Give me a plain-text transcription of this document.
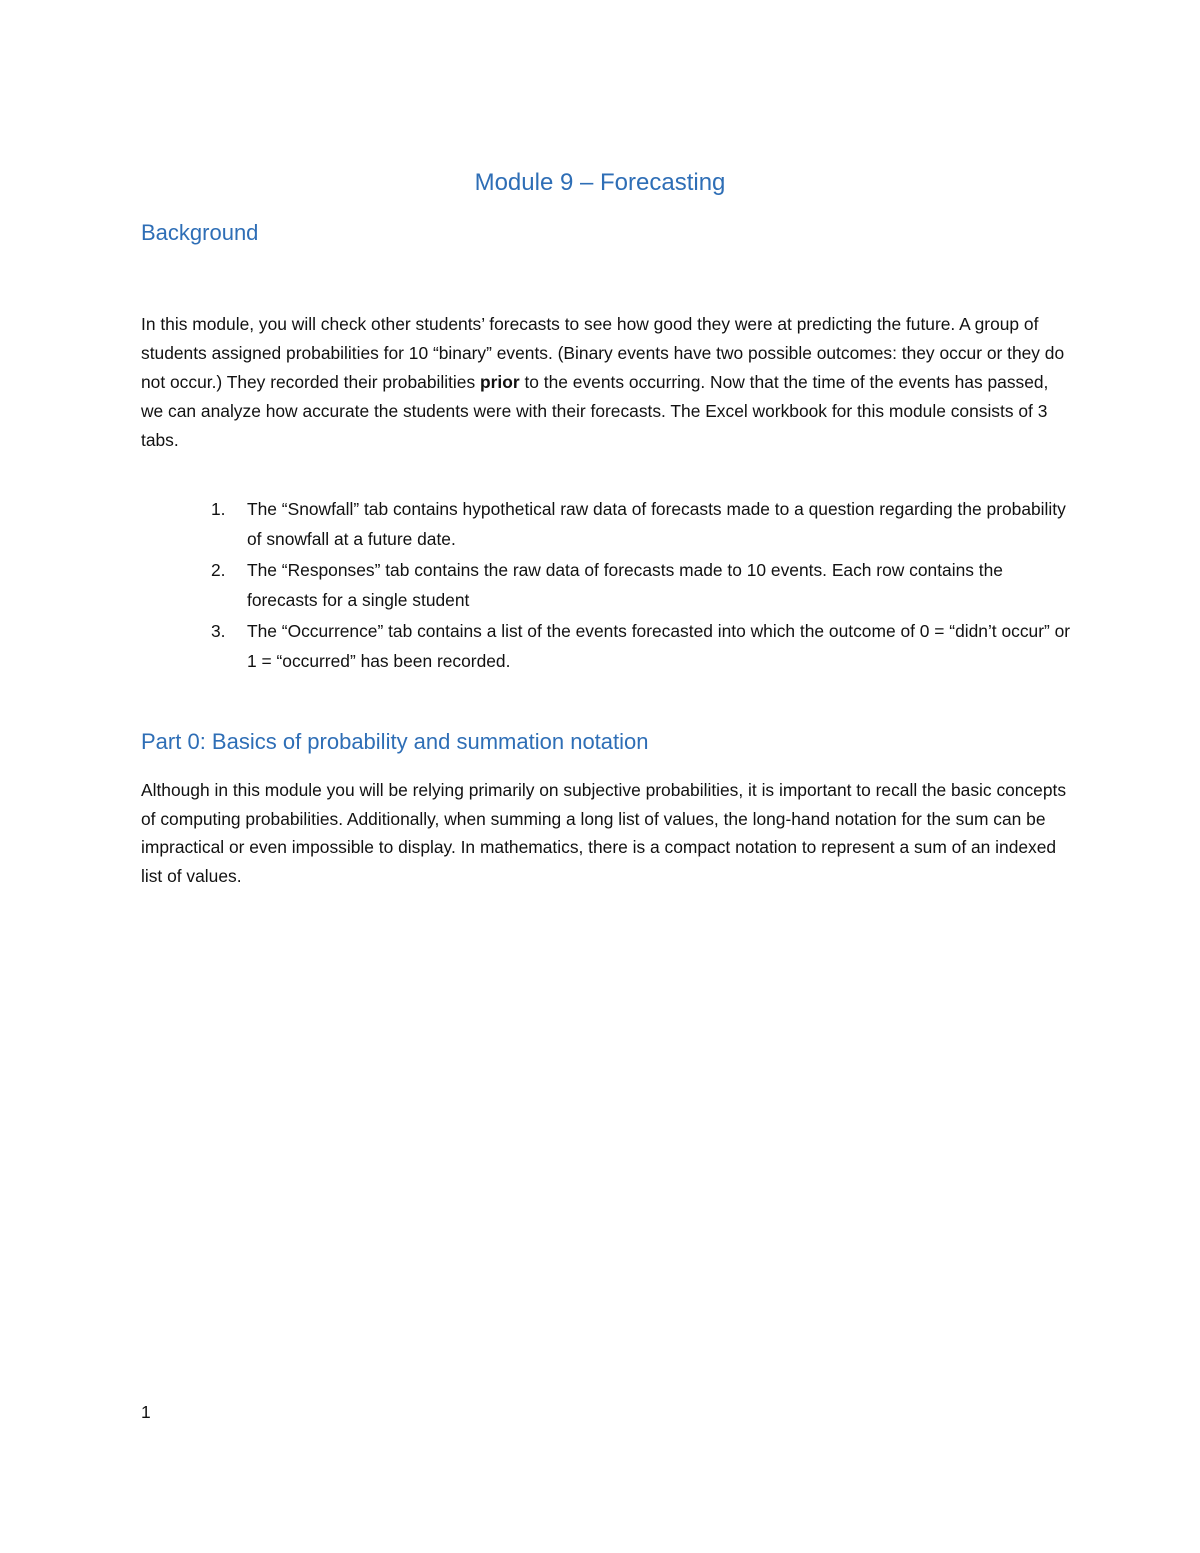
Module 9 – Forecasting
Background

In this module, you will check other students’ forecasts to see how good they were at predicting the future. A group of students assigned probabilities for 10 “binary” events. (Binary events have two possible outcomes: they occur or they do not occur.) They recorded their probabilities prior to the events occurring. Now that the time of the events has passed, we can analyze how accurate the students were with their forecasts. The Excel workbook for this module consists of 3 tabs.

1. The “Snowfall” tab contains hypothetical raw data of forecasts made to a question regarding the probability of snowfall at a future date.
2. The “Responses” tab contains the raw data of forecasts made to 10 events. Each row contains the forecasts for a single student
3. The “Occurrence” tab contains a list of the events forecasted into which the outcome of 0 = “didn’t occur” or 1 = “occurred” has been recorded.
Part 0: Basics of probability and summation notation

Although in this module you will be relying primarily on subjective probabilities, it is important to recall the basic concepts of computing probabilities. Additionally, when summing a long list of values, the long-hand notation for the sum can be impractical or even impossible to display. In mathematics, there is a compact notation to represent a sum of an indexed list of values.

1
